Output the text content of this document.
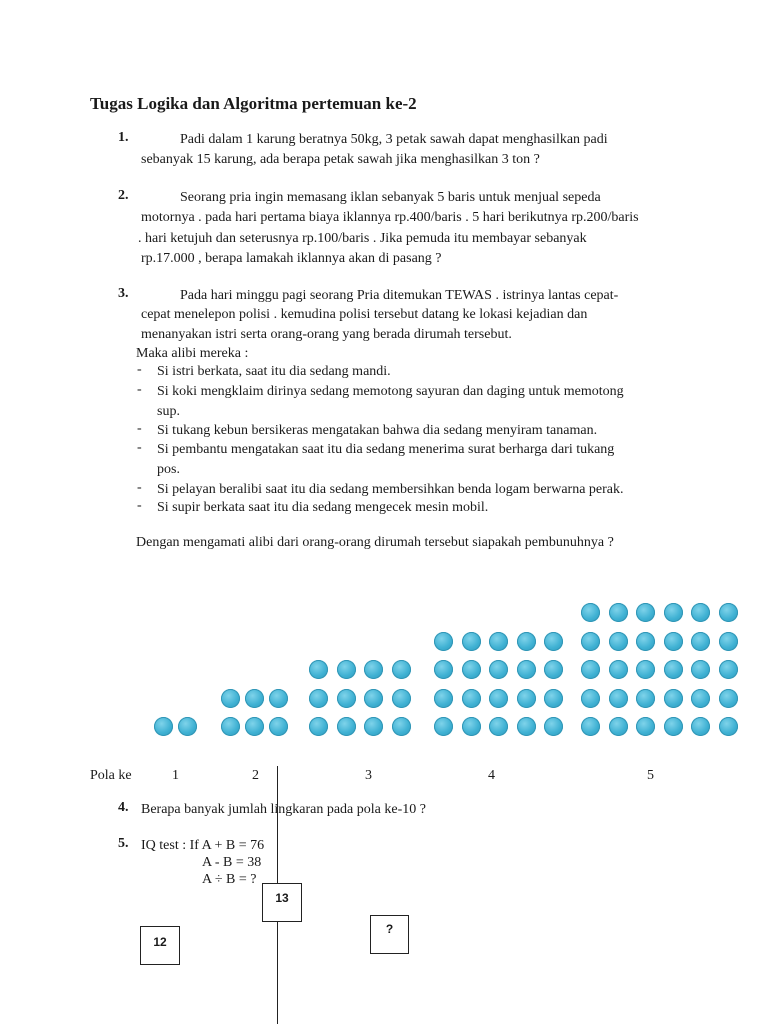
Tugas Logika dan Algoritma pertemuan ke-2
1.	Padi dalam 1 karung beratnya 50kg, 3 petak sawah dapat menghasilkan padi
sebanyak 15 karung, ada berapa petak sawah jika menghasilkan 3 ton ?
2.	Seorang pria ingin memasang iklan sebanyak 5 baris untuk menjual sepeda
motornya . pada hari pertama biaya iklannya rp.400/baris . 5 hari berikutnya rp.200/baris
. hari ketujuh dan seterusnya rp.100/baris . Jika pemuda itu membayar sebanyak
rp.17.000 , berapa lamakah iklannya akan di pasang ?
3.	Pada hari minggu pagi seorang Pria ditemukan TEWAS . istrinya lantas cepat-
cepat menelepon polisi . kemudina polisi tersebut datang ke lokasi kejadian dan
menanyakan istri serta orang-orang yang berada dirumah tersebut.
Maka alibi mereka :
- Si istri berkata, saat itu dia sedang mandi.
- Si koki mengklaim dirinya sedang memotong sayuran dan daging untuk memotong
sup.
- Si tukang kebun bersikeras mengatakan bahwa dia sedang menyiram tanaman.
- Si pembantu mengatakan saat itu dia sedang menerima surat berharga dari tukang
pos.
- Si pelayan beralibi saat itu dia sedang membersihkan benda logam berwarna perak.
- Si supir berkata saat itu dia sedang mengecek mesin mobil.
Dengan mengamati alibi dari orang-orang dirumah tersebut siapakah pembunuhnya ?
Pola ke	1	2	3	4	5
4. Berapa banyak jumlah lingkaran pada pola ke-10 ?
5. IQ test : If A + B = 76
A - B = 38
A ÷ B = ?
13
12
?
